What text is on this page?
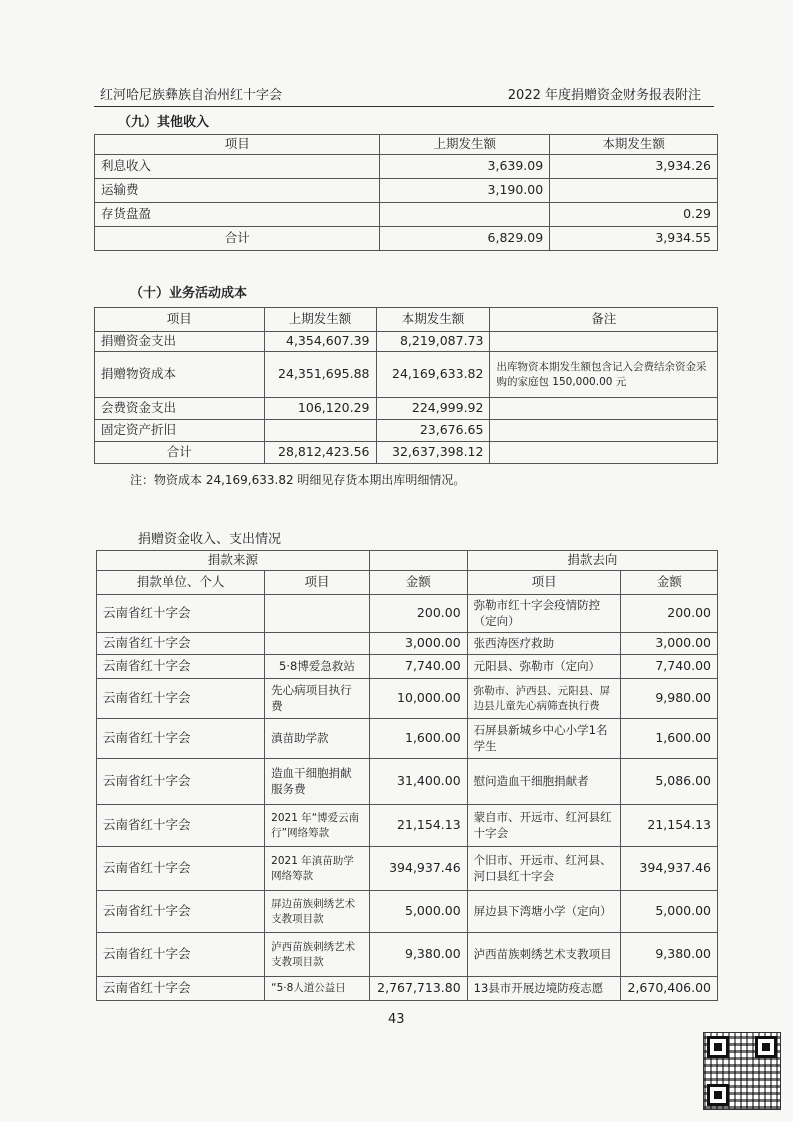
红河哈尼族彝族自治州红十字会	2022 年度捐赠资金财务报表附注
（九）其他收入
项目	上期发生额	本期发生额
利息收入	3,639.09	3,934.26
运输费	3,190.00	
存货盘盈		0.29
合计	6,829.09	3,934.55
（十）业务活动成本
项目	上期发生额	本期发生额	备注
捐赠资金支出	4,354,607.39	8,219,087.73	
捐赠物资成本	24,351,695.88	24,169,633.82	出库物资本期发生额包含记入会费结余资金采购的家庭包 150,000.00 元
会费资金支出	106,120.29	224,999.92	
固定资产折旧		23,676.65	
合计	28,812,423.56	32,637,398.12	
注：物资成本 24,169,633.82 明细见存货本期出库明细情况。
捐赠资金收入、支出情况
捐款来源			捐款去向	
捐款单位、个人	项目	金额	项目	金额
云南省红十字会		200.00	弥勒市红十字会疫情防控（定向）	200.00
云南省红十字会		3,000.00	张西涛医疗救助	3,000.00
云南省红十字会	5·8博爱急救站	7,740.00	元阳县、弥勒市（定向）	7,740.00
云南省红十字会	先心病项目执行费	10,000.00	弥勒市、泸西县、元阳县、屏边县儿童先心病筛查执行费	9,980.00
云南省红十字会	滇苗助学款	1,600.00	石屏县新城乡中心小学1名学生	1,600.00
云南省红十字会	造血干细胞捐献服务费	31,400.00	慰问造血干细胞捐献者	5,086.00
云南省红十字会	2021 年“博爱云南行”网络筹款	21,154.13	蒙自市、开远市、红河县红十字会	21,154.13
云南省红十字会	2021 年滇苗助学网络筹款	394,937.46	个旧市、开远市、红河县、河口县红十字会	394,937.46
云南省红十字会	屏边苗族刺绣艺术支教项目款	5,000.00	屏边县下湾塘小学（定向）	5,000.00
云南省红十字会	泸西苗族刺绣艺术支教项目款	9,380.00	泸西苗族刺绣艺术支教项目	9,380.00
云南省红十字会	“5·8人道公益日	2,767,713.80	13县市开展边境防疫志愿	2,670,406.00
43
